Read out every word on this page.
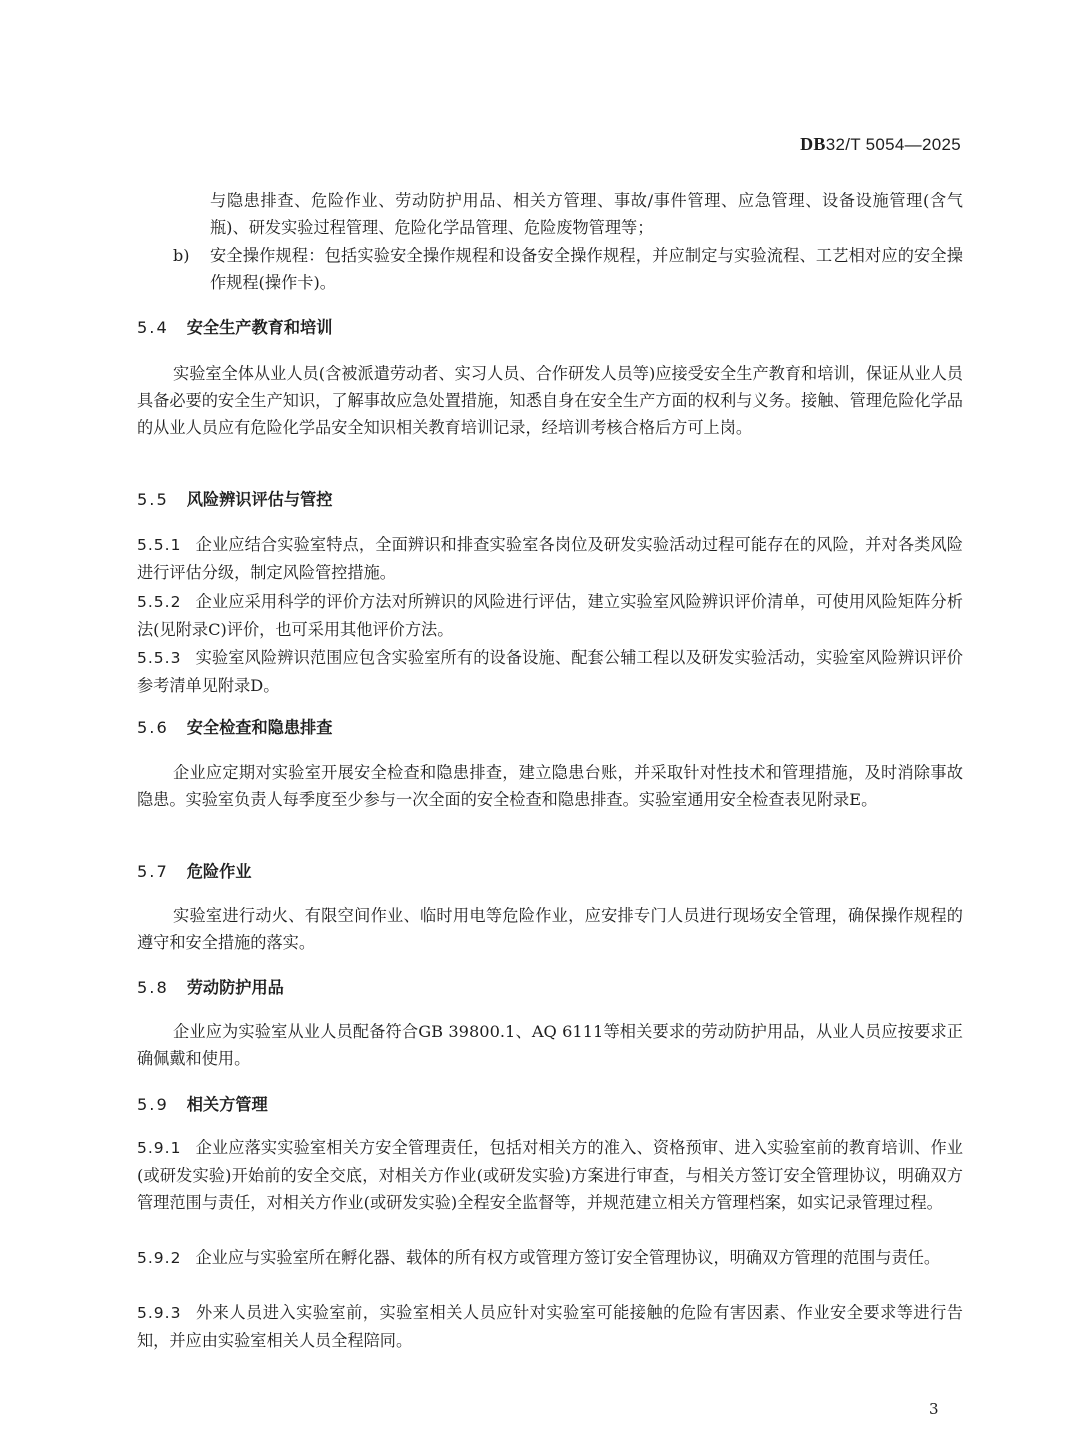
DB32/T 5054—2025
与隐患排查、危险作业、劳动防护用品、相关方管理、事故/事件管理、应急管理、设备设施管理(含气瓶)、研发实验过程管理、危险化学品管理、危险废物管理等；
b) 安全操作规程：包括实验安全操作规程和设备安全操作规程，并应制定与实验流程、工艺相对应的安全操作规程(操作卡)。
5.4 安全生产教育和培训
实验室全体从业人员(含被派遣劳动者、实习人员、合作研发人员等)应接受安全生产教育和培训，保证从业人员具备必要的安全生产知识，了解事故应急处置措施，知悉自身在安全生产方面的权利与义务。接触、管理危险化学品的从业人员应有危险化学品安全知识相关教育培训记录，经培训考核合格后方可上岗。
5.5 风险辨识评估与管控
5.5.1 企业应结合实验室特点，全面辨识和排查实验室各岗位及研发实验活动过程可能存在的风险，并对各类风险进行评估分级，制定风险管控措施。
5.5.2 企业应采用科学的评价方法对所辨识的风险进行评估，建立实验室风险辨识评价清单，可使用风险矩阵分析法(见附录C)评价，也可采用其他评价方法。
5.5.3 实验室风险辨识范围应包含实验室所有的设备设施、配套公辅工程以及研发实验活动，实验室风险辨识评价参考清单见附录D。
5.6 安全检查和隐患排查
企业应定期对实验室开展安全检查和隐患排查，建立隐患台账，并采取针对性技术和管理措施，及时消除事故隐患。实验室负责人每季度至少参与一次全面的安全检查和隐患排查。实验室通用安全检查表见附录E。
5.7 危险作业
实验室进行动火、有限空间作业、临时用电等危险作业，应安排专门人员进行现场安全管理，确保操作规程的遵守和安全措施的落实。
5.8 劳动防护用品
企业应为实验室从业人员配备符合GB 39800.1、AQ 6111等相关要求的劳动防护用品，从业人员应按要求正确佩戴和使用。
5.9 相关方管理
5.9.1 企业应落实实验室相关方安全管理责任，包括对相关方的准入、资格预审、进入实验室前的教育培训、作业(或研发实验)开始前的安全交底，对相关方作业(或研发实验)方案进行审查，与相关方签订安全管理协议，明确双方管理范围与责任，对相关方作业(或研发实验)全程安全监督等，并规范建立相关方管理档案，如实记录管理过程。
5.9.2 企业应与实验室所在孵化器、载体的所有权方或管理方签订安全管理协议，明确双方管理的范围与责任。
5.9.3 外来人员进入实验室前，实验室相关人员应针对实验室可能接触的危险有害因素、作业安全要求等进行告知，并应由实验室相关人员全程陪同。
3
